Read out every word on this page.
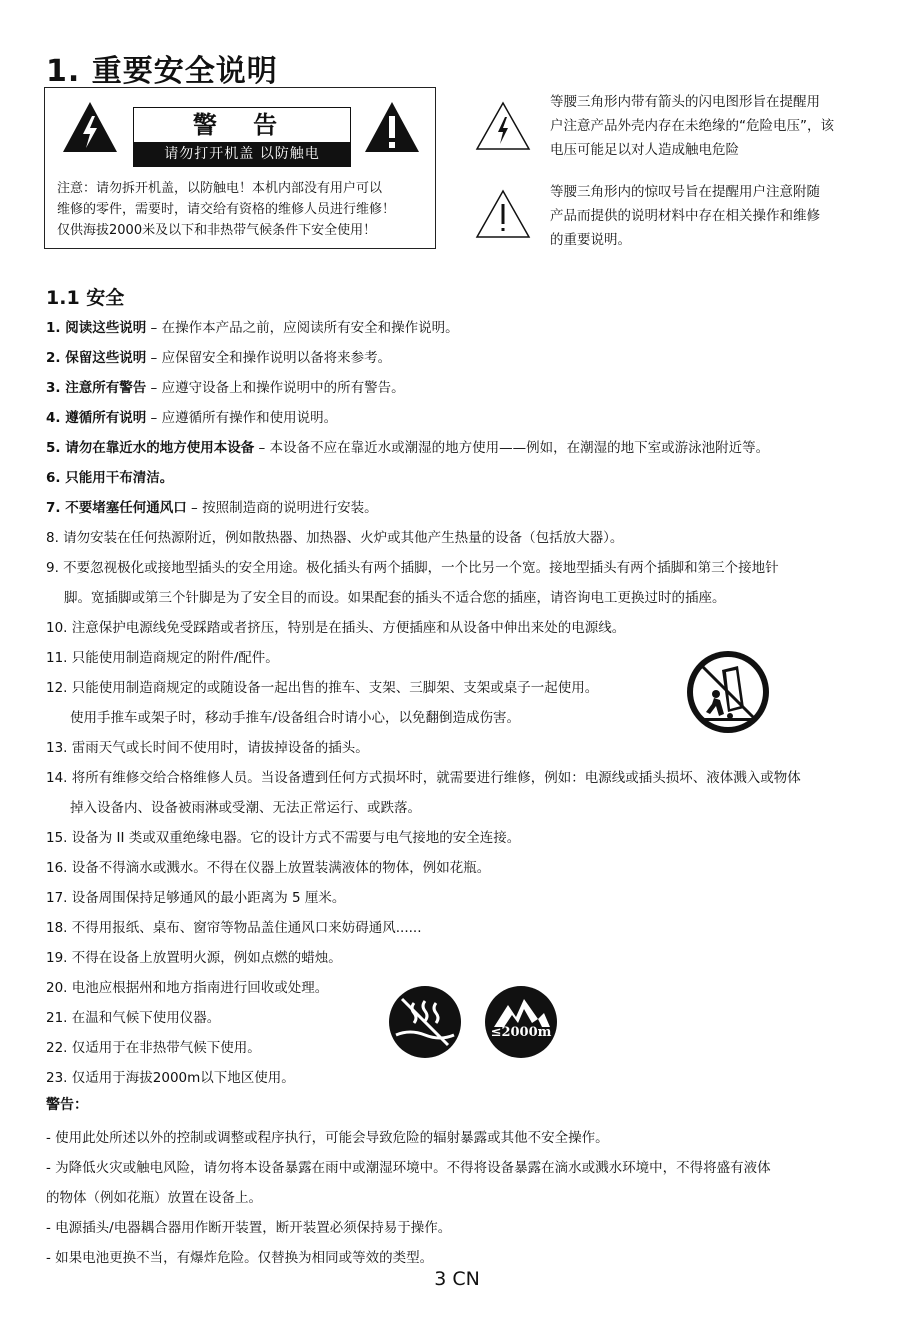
1. 重要安全说明
警 告
请勿打开机盖 以防触电
注意：请勿拆开机盖，以防触电！本机内部没有用户可以
维修的零件，需要时，请交给有资格的维修人员进行维修！
仅供海拔2000米及以下和非热带气候条件下安全使用！
等腰三角形内带有箭头的闪电图形旨在提醒用
户注意产品外壳内存在未绝缘的“危险电压”，该
电压可能足以对人造成触电危险
等腰三角形内的惊叹号旨在提醒用户注意附随
产品而提供的说明材料中存在相关操作和维修
的重要说明。
1.1 安全
1. 阅读这些说明 – 在操作本产品之前，应阅读所有安全和操作说明。
2. 保留这些说明 – 应保留安全和操作说明以备将来参考。
3. 注意所有警告 – 应遵守设备上和操作说明中的所有警告。
4. 遵循所有说明 – 应遵循所有操作和使用说明。
5. 请勿在靠近水的地方使用本设备 – 本设备不应在靠近水或潮湿的地方使用——例如，在潮湿的地下室或游泳池附近等。
6. 只能用干布清洁。
7. 不要堵塞任何通风口 – 按照制造商的说明进行安装。
8. 请勿安装在任何热源附近，例如散热器、加热器、火炉或其他产生热量的设备（包括放大器）。
9. 不要忽视极化或接地型插头的安全用途。极化插头有两个插脚，一个比另一个宽。接地型插头有两个插脚和第三个接地针
脚。宽插脚或第三个针脚是为了安全目的而设。如果配套的插头不适合您的插座，请咨询电工更换过时的插座。
10. 注意保护电源线免受踩踏或者挤压，特别是在插头、方便插座和从设备中伸出来处的电源线。
11. 只能使用制造商规定的附件/配件。
12. 只能使用制造商规定的或随设备一起出售的推车、支架、三脚架、支架或桌子一起使用。
使用手推车或架子时，移动手推车/设备组合时请小心，以免翻倒造成伤害。
13. 雷雨天气或长时间不使用时，请拔掉设备的插头。
14. 将所有维修交给合格维修人员。当设备遭到任何方式损坏时，就需要进行维修，例如：电源线或插头损坏、液体溅入或物体
掉入设备内、设备被雨淋或受潮、无法正常运行、或跌落。
15. 设备为 II 类或双重绝缘电器。它的设计方式不需要与电气接地的安全连接。
16. 设备不得滴水或溅水。不得在仪器上放置装满液体的物体，例如花瓶。
17. 设备周围保持足够通风的最小距离为 5 厘米。
18. 不得用报纸、桌布、窗帘等物品盖住通风口来妨碍通风......
19. 不得在设备上放置明火源，例如点燃的蜡烛。
20. 电池应根据州和地方指南进行回收或处理。
21. 在温和气候下使用仪器。
22. 仅适用于在非热带气候下使用。
23. 仅适用于海拔2000m以下地区使用。
≤2000m
警告：
- 使用此处所述以外的控制或调整或程序执行，可能会导致危险的辐射暴露或其他不安全操作。
- 为降低火灾或触电风险，请勿将本设备暴露在雨中或潮湿环境中。不得将设备暴露在滴水或溅水环境中，不得将盛有液体
的物体（例如花瓶）放置在设备上。
- 电源插头/电器耦合器用作断开装置，断开装置必须保持易于操作。
- 如果电池更换不当，有爆炸危险。仅替换为相同或等效的类型。
3 CN
